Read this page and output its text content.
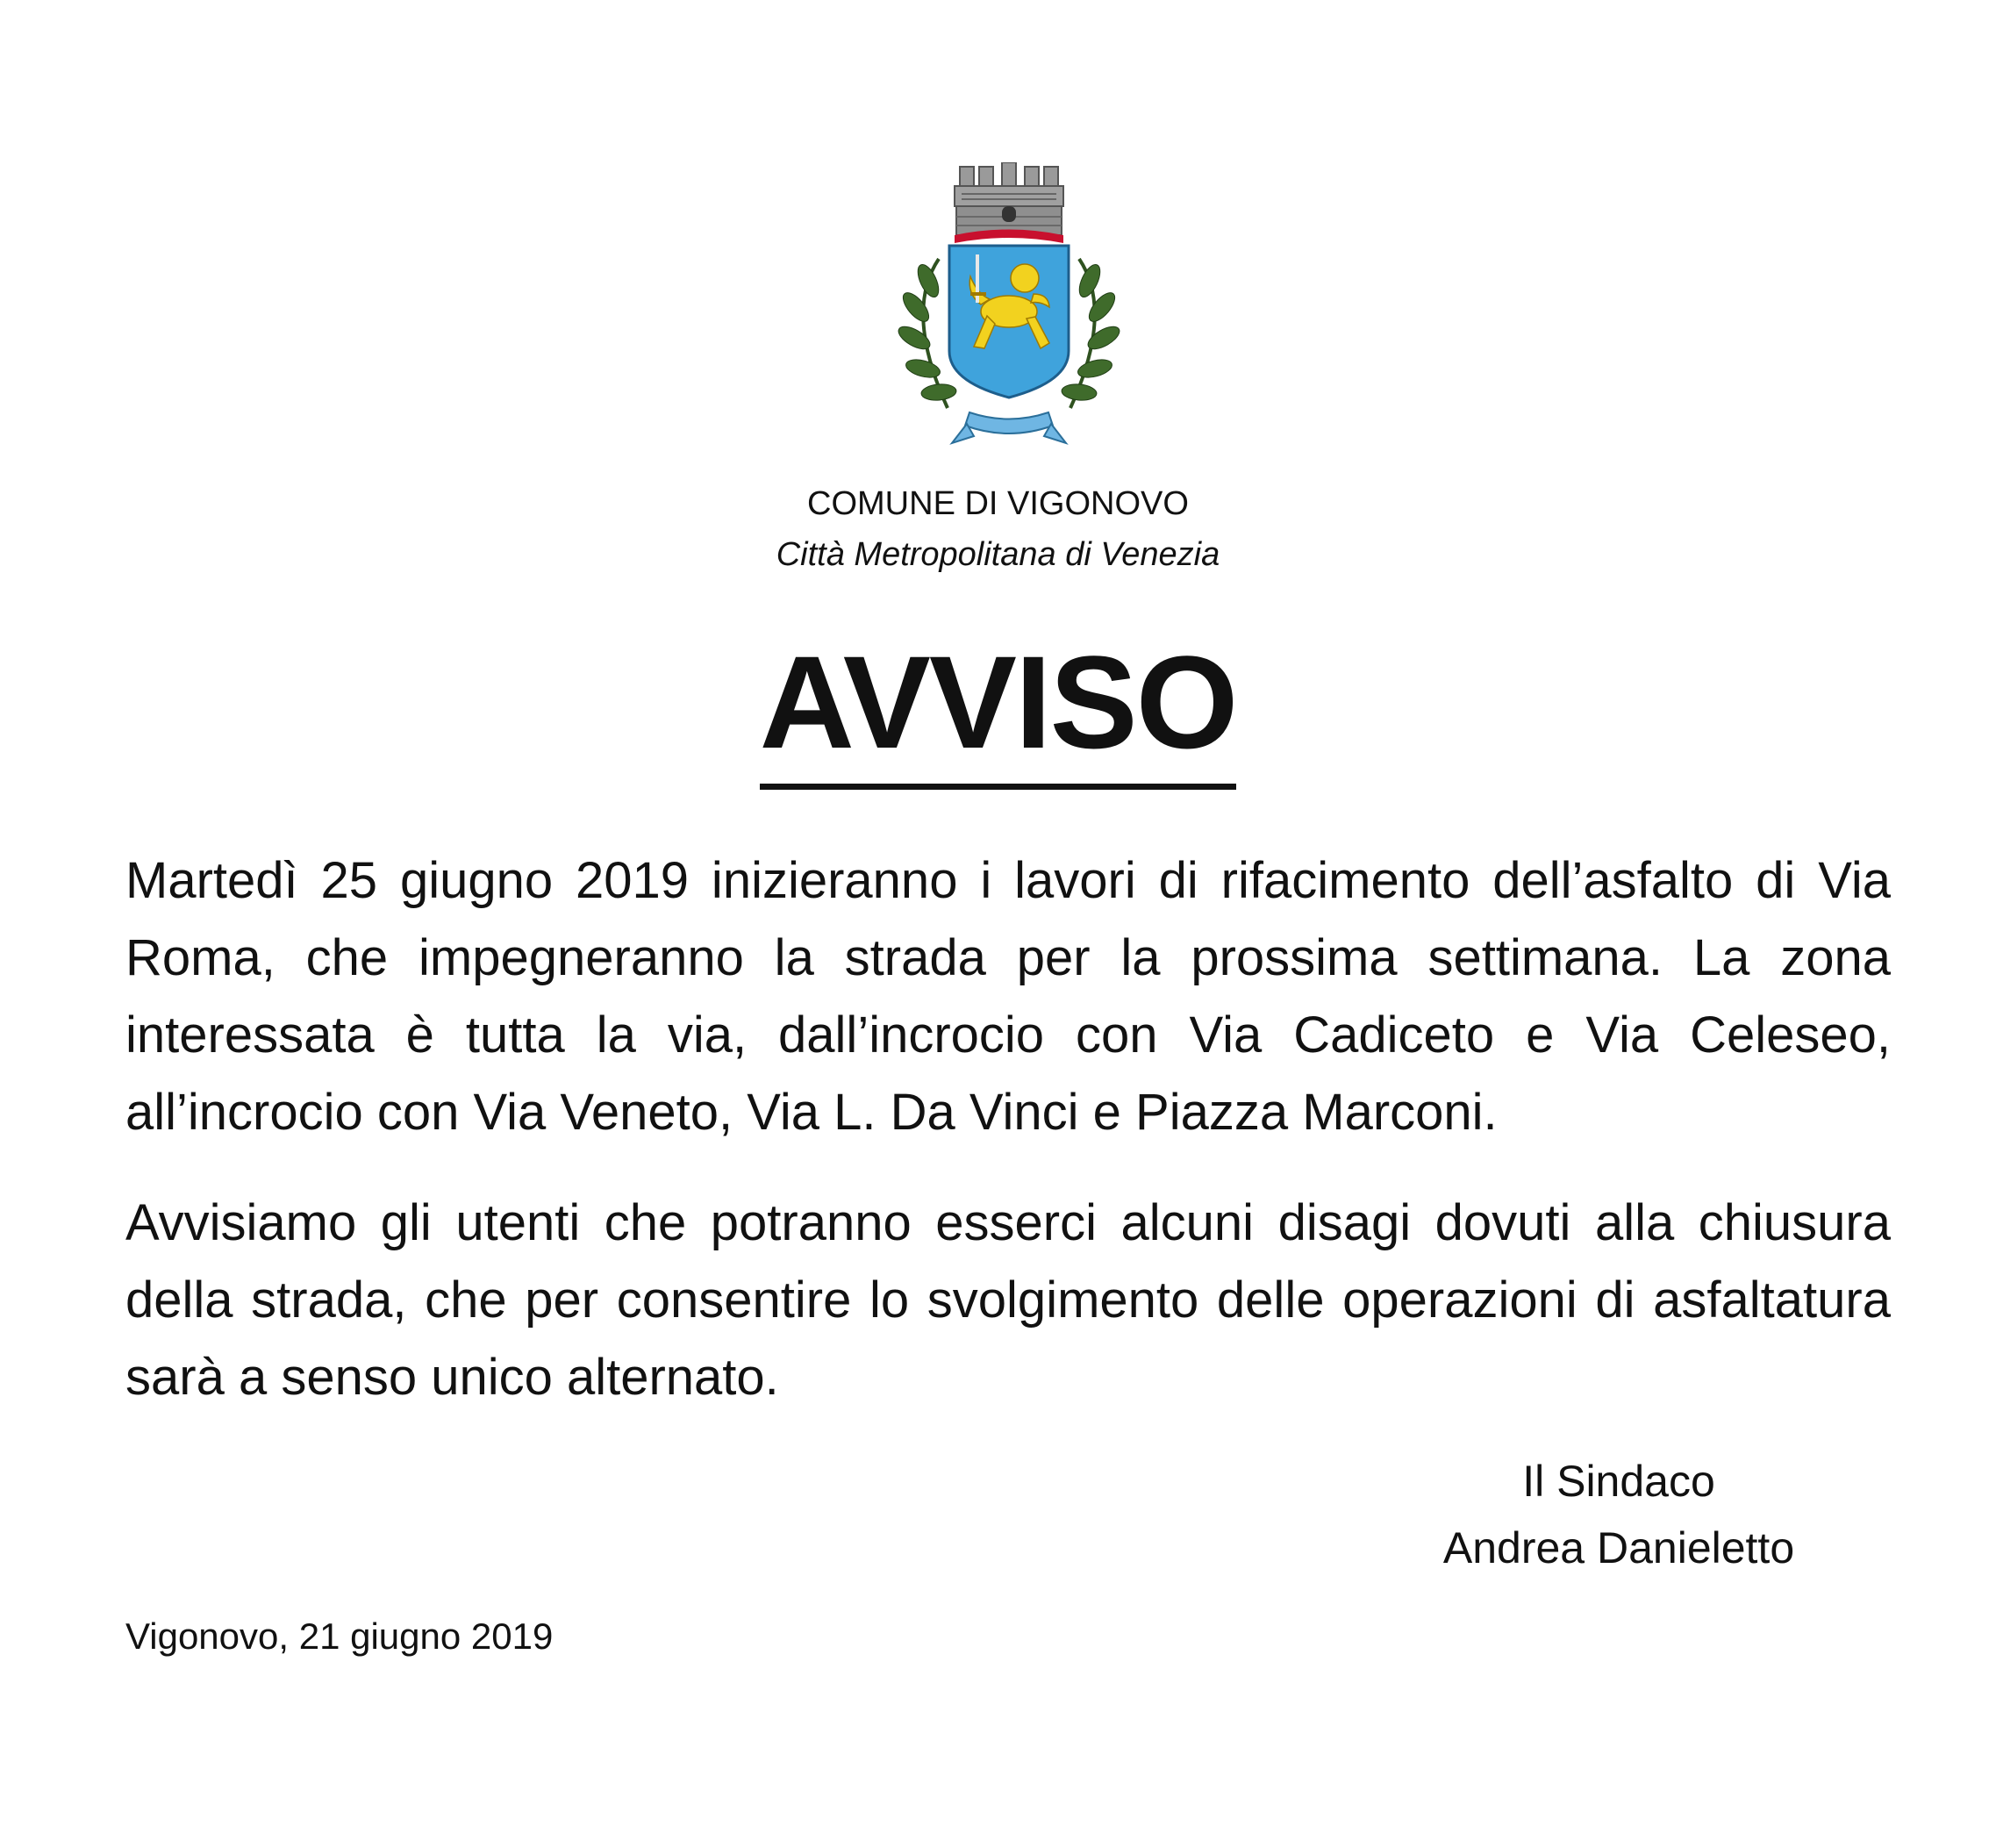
COMUNE DI VIGONOVO
Città Metropolitana di Venezia
AVVISO

Martedì 25 giugno 2019 inizieranno i lavori di rifacimento dell’asfalto di Via Roma, che impegneranno la strada per la prossima settimana. La zona interessata è tutta la via, dall’incrocio con Via Cadiceto e Via Celeseo, all’incrocio con Via Veneto, Via L. Da Vinci e Piazza Marconi.

Avvisiamo gli utenti che potranno esserci alcuni disagi dovuti alla chiusura della strada, che per consentire lo svolgimento delle operazioni di asfaltatura sarà a senso unico alternato.

Il Sindaco
Andrea Danieletto
Vigonovo, 21 giugno 2019
